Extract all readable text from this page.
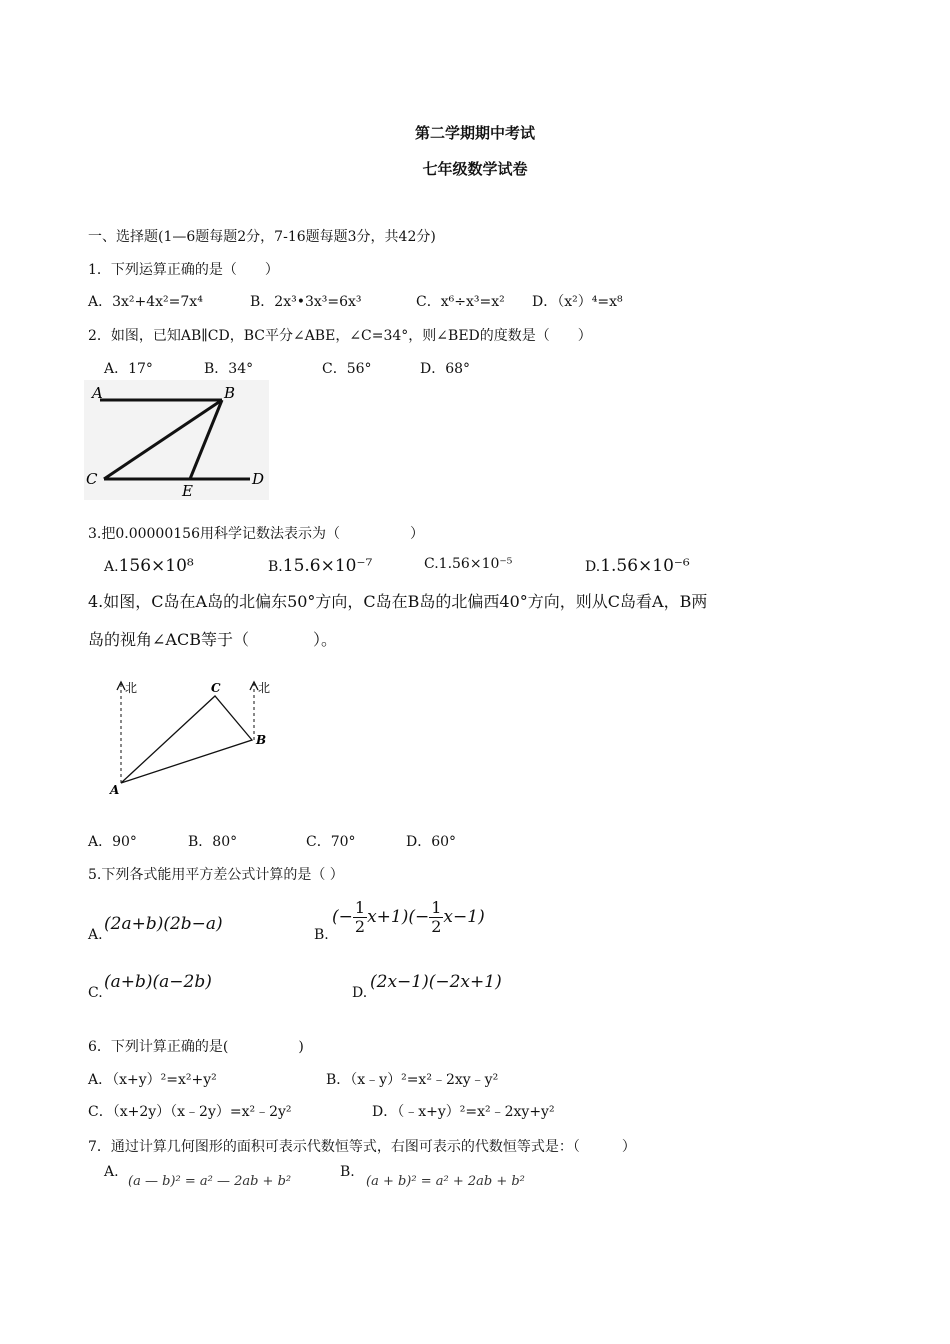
第二学期期中考试
七年级数学试卷
一、选择题(1—6题每题2分，7-16题每题3分，共42分)
1．下列运算正确的是（　　）
A．3x²+4x²=7x⁴	B．2x³•3x³=6x³	C．x⁶÷x³=x² D．（x²）⁴=x⁸
2．如图，已知AB∥CD，BC平分∠ABE，∠C=34°，则∠BED的度数是（　　）
A．17°	B．34°	C．56°	D．68°
A	B
C	D
E
3.把0.00000156用科学记数法表示为（　　　　　）
A.156×10⁸	B.15.6×10⁻⁷	C.1.56×10⁻⁵	D.1.56×10⁻⁶
4.如图，C岛在A岛的北偏东50°方向，C岛在B岛的北偏西40°方向，则从C岛看A，B两
岛的视角∠ACB等于（　　　　）。
北	北
C
B
A
A．90°	B．80°	C．70°	D．60°
5.下列各式能用平方差公式计算的是（ ）
A.
(2a+b)(2b−a)
B.
(− $\frac{1}{2} x+1)(- \frac{1}{2} x-1)$
C.
(a+b)(a−2b)
D.
(2x−1)(−2x+1)
6．下列计算正确的是(　　　　　)
A．（x+y）²=x²+y²	B．（x﹣y）²=x²﹣2xy﹣y²
C．（x+2y）（x﹣2y）=x²﹣2y²	D．（﹣x+y）²=x²﹣2xy+y²
7．通过计算几何图形的面积可表示代数恒等式，右图可表示的代数恒等式是：（　　　）
A.
(a — b)² = a² — 2ab + b²
B.
(a + b)² = a² + 2ab + b²
